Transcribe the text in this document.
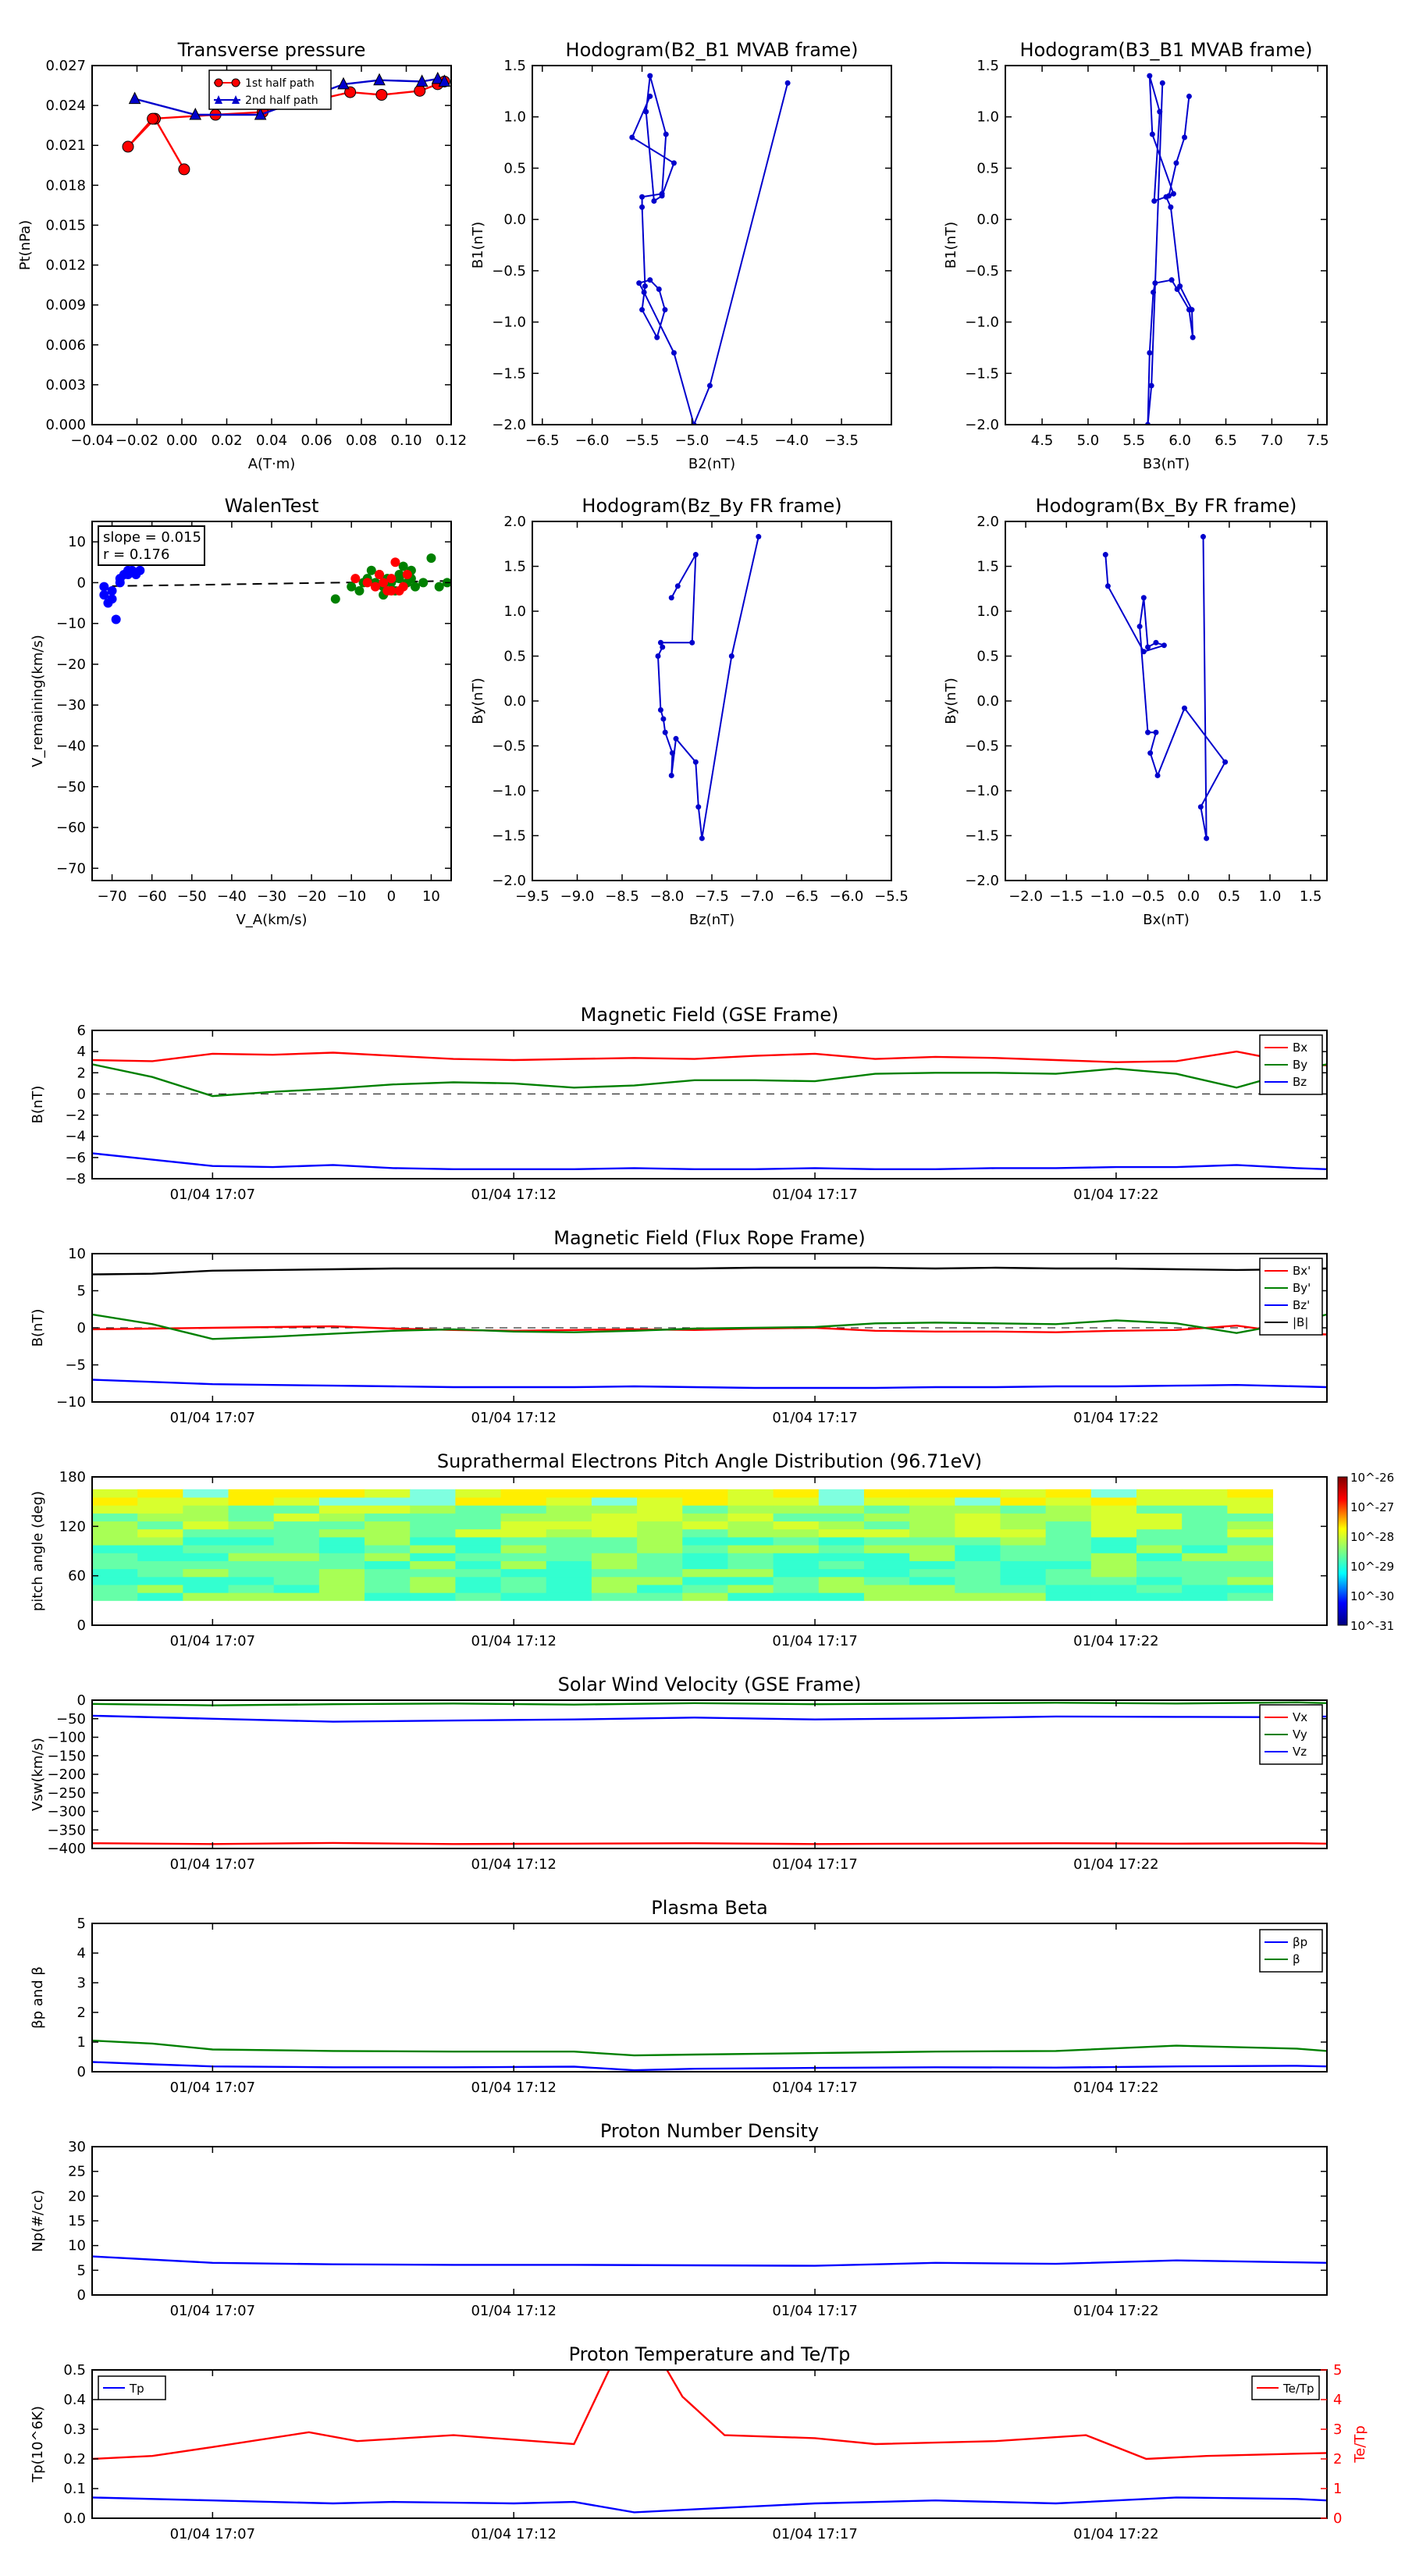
Transverse pressure
−0.04 −0.02 0.00 0.02 0.04 0.06 0.08 0.10 0.12
0.000
0.003
0.006
0.009
0.012
0.015
0.018
0.021
0.024
0.027
A(T·m)
Pt(nPa)
1st half path
2nd half path
Hodogram(B2_B1 MVAB frame)
−6.5 −6.0 −5.5 −5.0 −4.5 −4.0 −3.5
−2.0
−1.5
−1.0
−0.5
0.0
0.5
1.0
1.5
B2(nT)
B1(nT)
Hodogram(B3_B1 MVAB frame)
4.5 5.0 5.5 6.0 6.5 7.0 7.5
−2.0
−1.5
−1.0
−0.5
0.0
0.5
1.0
1.5
B3(nT)
B1(nT)
WalenTest
−70 −60 −50 −40 −30 −20 −10 0 10
−70
−60
−50
−40
−30
−20
−10
0
10
V_A(km/s)
V_remaining(km/s)
slope = 0.015
r = 0.176
Hodogram(Bz_By FR frame)
−9.5 −9.0 −8.5 −8.0 −7.5 −7.0 −6.5 −6.0 −5.5
−2.0
−1.5
−1.0
−0.5
0.0
0.5
1.0
1.5
2.0
Bz(nT)
By(nT)
Hodogram(Bx_By FR frame)
−2.0 −1.5 −1.0 −0.5 0.0 0.5 1.0 1.5
−2.0
−1.5
−1.0
−0.5
0.0
0.5
1.0
1.5
2.0
Bx(nT)
By(nT)
Magnetic Field (GSE Frame)
01/04 17:07	01/04 17:12	01/04 17:17	01/04 17:22
−8
−6
−4
−2
0
2
4
6
B(nT)
Bx
By
Bz
Magnetic Field (Flux Rope Frame)
01/04 17:07	01/04 17:12	01/04 17:17	01/04 17:22
−10
−5
0
5
10
B(nT)
Bx'
By'
Bz'
|B|
Suprathermal Electrons Pitch Angle Distribution (96.71eV)
10^-26
10^-27
10^-28
10^-29
10^-30
10^-31
01/04 17:07	01/04 17:12	01/04 17:17	01/04 17:22
0
60
120
180
pitch angle (deg)
Solar Wind Velocity (GSE Frame)
01/04 17:07	01/04 17:12	01/04 17:17	01/04 17:22
−400
−350
−300
−250
−200
−150
−100
−50
0
Vsw(km/s)
Vx
Vy
Vz
Plasma Beta
01/04 17:07	01/04 17:12	01/04 17:17	01/04 17:22
0
1
2
3
4
5
βp and β
βp
β
Proton Number Density
01/04 17:07	01/04 17:12	01/04 17:17	01/04 17:22
0
5
10
15
20
25
30
Np(#/cc)
Proton Temperature and Te/Tp
01/04 17:07	01/04 17:12	01/04 17:17	01/04 17:22
0.0
0.1
0.2
0.3
0.4
0.5
0
1
2
3
4
5
Tp(10^6K)	Te/Tp
Tp	Te/Tp
